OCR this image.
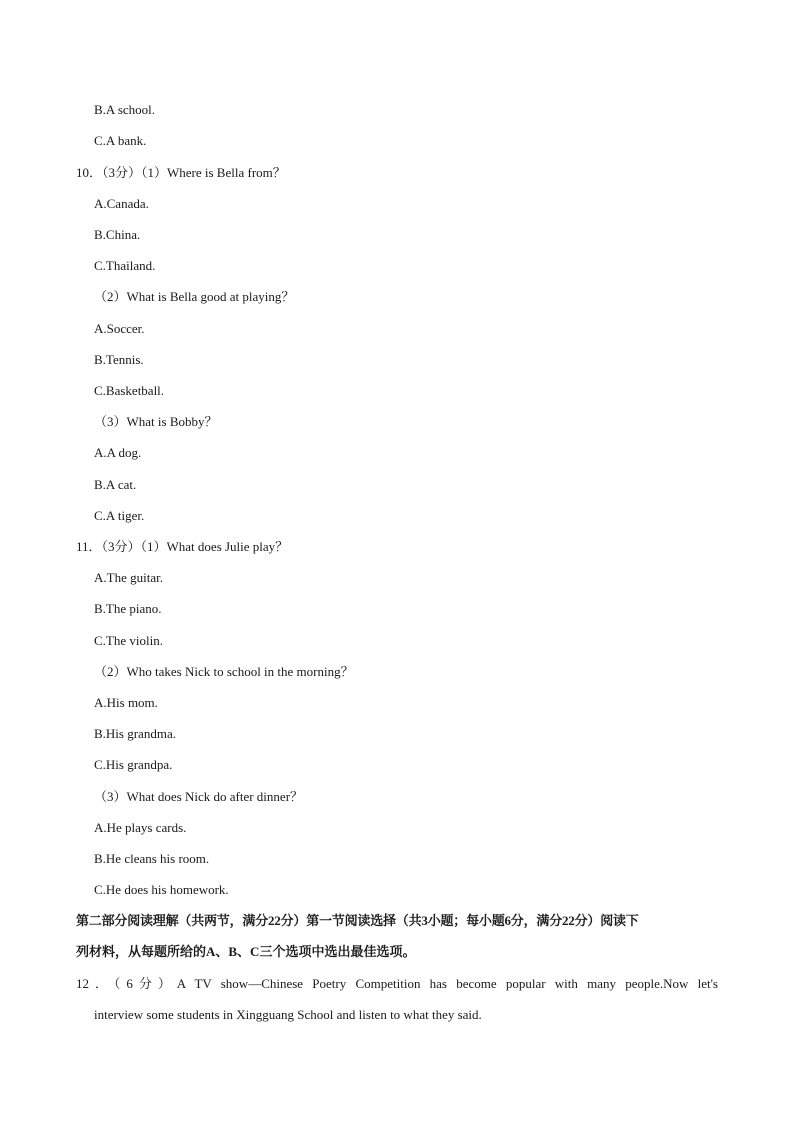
B.A school.
C.A bank.
10．（3分）（1）Where is Bella from？
A.Canada.
B.China.
C.Thailand.
（2）What is Bella good at playing？
A.Soccer.
B.Tennis.
C.Basketball.
（3）What is Bobby？
A.A dog.
B.A cat.
C.A tiger.
11．（3分）（1）What does Julie play？
A.The guitar.
B.The piano.
C.The violin.
（2）Who takes Nick to school in the morning？
A.His mom.
B.His grandma.
C.His grandpa.
（3）What does Nick do after dinner？
A.He plays cards.
B.He cleans his room.
C.He does his homework.
第二部分阅读理解（共两节，满分22分）第一节阅读选择（共3小题；每小题6分，满分22分）阅读下
列材料，从每题所给的A、B、C三个选项中选出最佳选项。
12．（6分）A TV show—Chinese Poetry Competition has become popular with many people.Now let's
interview some students in Xingguang School and listen to what they said.
